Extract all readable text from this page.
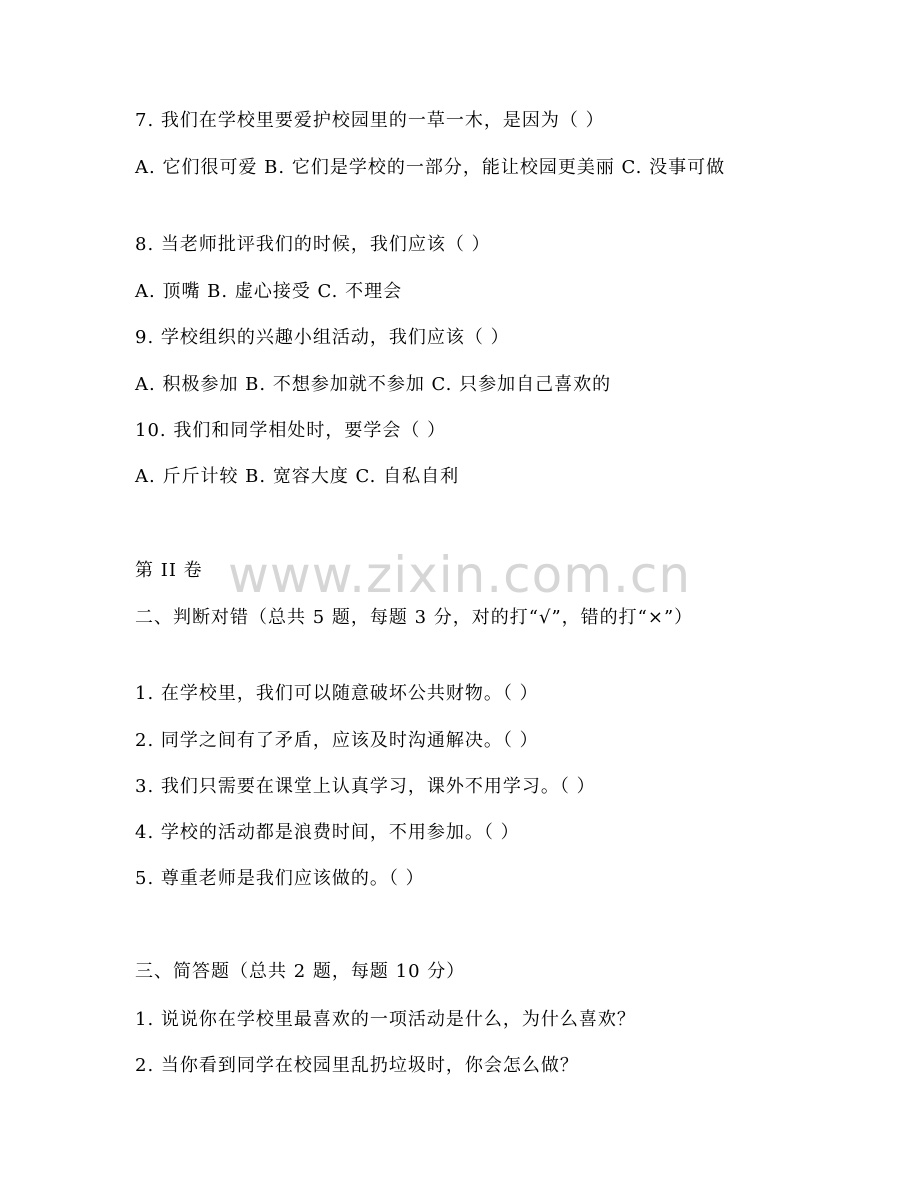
7. 我们在学校里要爱护校园里的一草一木，是因为（ ）
A. 它们很可爱 B. 它们是学校的一部分，能让校园更美丽 C. 没事可做
8. 当老师批评我们的时候，我们应该（ ）
A. 顶嘴 B. 虚心接受 C. 不理会
9. 学校组织的兴趣小组活动，我们应该（ ）
A. 积极参加 B. 不想参加就不参加 C. 只参加自己喜欢的
10. 我们和同学相处时，要学会（ ）
A. 斤斤计较 B. 宽容大度 C. 自私自利
第 II 卷 www.zixin.com.cn
二、判断对错（总共 5 题，每题 3 分，对的打“√”，错的打“×”）
1. 在学校里，我们可以随意破坏公共财物。（ ）
2. 同学之间有了矛盾，应该及时沟通解决。（ ）
3. 我们只需要在课堂上认真学习，课外不用学习。（ ）
4. 学校的活动都是浪费时间，不用参加。（ ）
5. 尊重老师是我们应该做的。（ ）
三、简答题（总共 2 题，每题 10 分）
1. 说说你在学校里最喜欢的一项活动是什么，为什么喜欢？
2. 当你看到同学在校园里乱扔垃圾时，你会怎么做？
